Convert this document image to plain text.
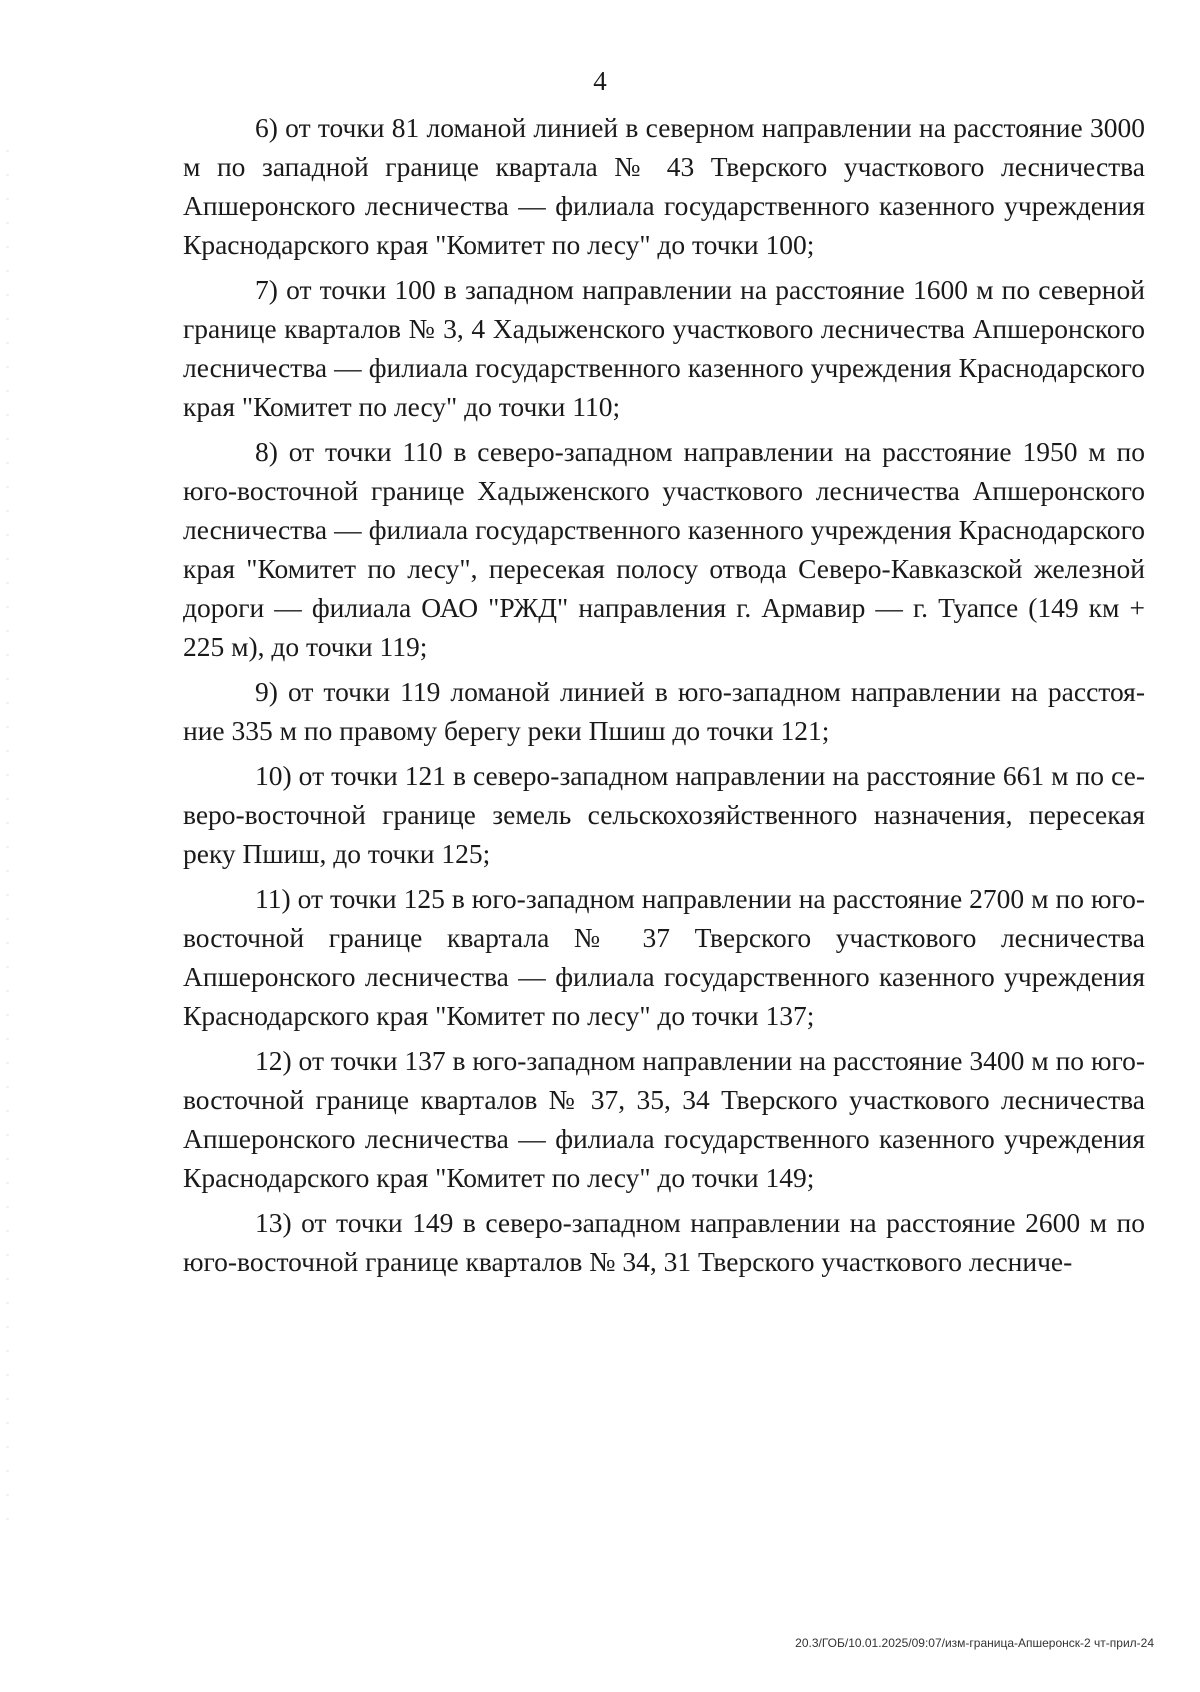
4

6) от точки 81 ломаной линией в северном направлении на расстояние 3000 м по западной границе квартала № 43 Тверского участкового лесничества Апшеронского лесничества — филиала государственного казенного учреждения Краснодарского края "Комитет по лесу" до точки 100;

7) от точки 100 в западном направлении на расстояние 1600 м по северной границе кварталов № 3, 4 Хадыженского участкового лесничества Апшеронского лесничества — филиала государственного казенного учреждения Краснодарского края "Комитет по лесу" до точки 110;

8) от точки 110 в северо-западном направлении на расстояние 1950 м по юго-восточной границе Хадыженского участкового лесничества Апшеронского лесничества — филиала государственного казенного учреждения Краснодарского края "Комитет по лесу", пересекая полосу отвода Северо-Кавказской железной дороги — филиала ОАО "РЖД" направления г. Армавир — г. Туапсе (149 км + 225 м), до точки 119;

9) от точки 119 ломаной линией в юго-западном направлении на расстояние 335 м по правому берегу реки Пшиш до точки 121;

10) от точки 121 в северо-западном направлении на расстояние 661 м по северо-восточной границе земель сельскохозяйственного назначения, пересекая реку Пшиш, до точки 125;

11) от точки 125 в юго-западном направлении на расстояние 2700 м по юго-восточной границе квартала № 37 Тверского участкового лесничества Апшеронского лесничества — филиала государственного казенного учреждения Краснодарского края "Комитет по лесу" до точки 137;

12) от точки 137 в юго-западном направлении на расстояние 3400 м по юго-восточной границе кварталов № 37, 35, 34 Тверского участкового лесничества Апшеронского лесничества — филиала государственного казенного учреждения Краснодарского края "Комитет по лесу" до точки 149;

13) от точки 149 в северо-западном направлении на расстояние 2600 м по юго-восточной границе кварталов № 34, 31 Тверского участкового лесниче-

20.3/ГОБ/10.01.2025/09:07/изм-граница-Апшеронск-2 чт-прил-24
